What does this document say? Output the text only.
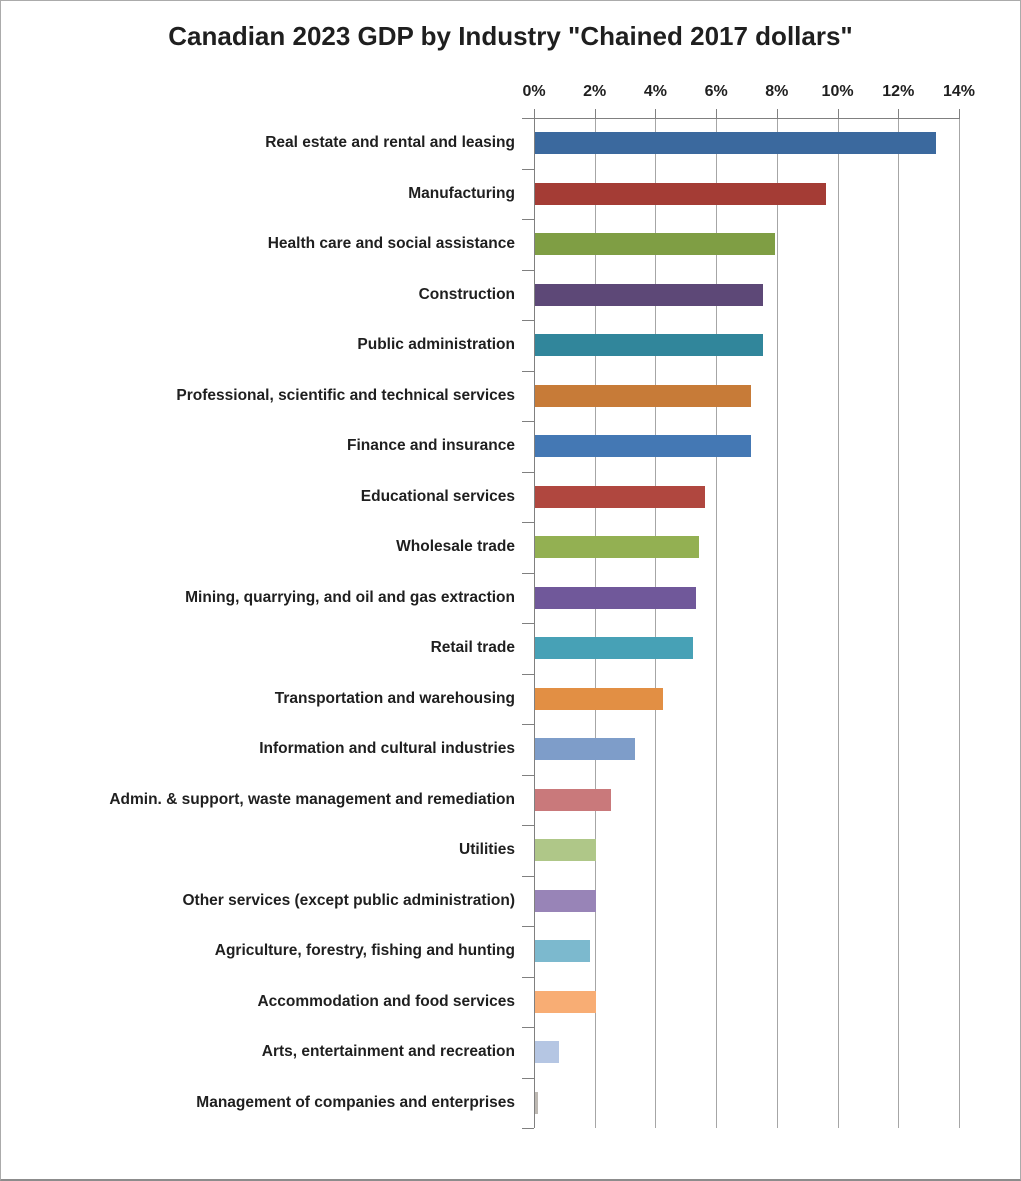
Canadian 2023 GDP by Industry "Chained 2017 dollars"
0% 2% 4% 6% 8% 10% 12% 14%
Real estate and rental and leasing
Manufacturing
Health care and social assistance
Construction
Public administration
Professional, scientific and technical services
Finance and insurance
Educational services
Wholesale trade
Mining, quarrying, and oil and gas extraction
Retail trade
Transportation and warehousing
Information and cultural industries
Admin. & support, waste management and remediation
Utilities
Other services (except public administration)
Agriculture, forestry, fishing and hunting
Accommodation and food services
Arts, entertainment and recreation
Management of companies and enterprises
